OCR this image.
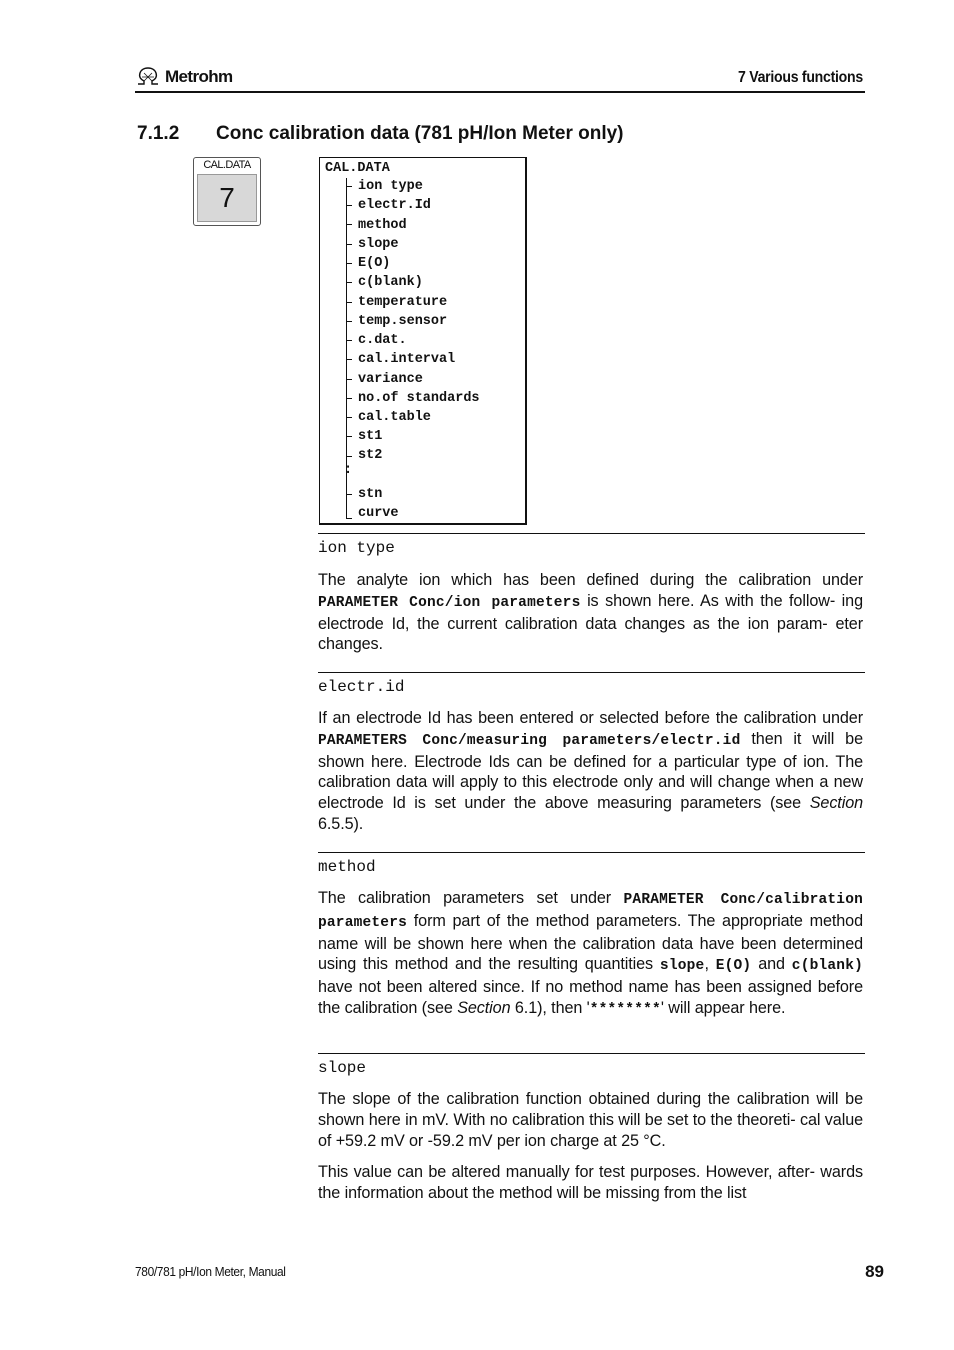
Metrohm	7 Various functions
7.1.2 Conc calibration data (781 pH/Ion Meter only)
CAL.DATA
7
CAL.DATA
ion type
electr.Id
method
slope
E(O)
c(blank)
temperature
temp.sensor
c.dat.
cal.interval
variance
no.of standards
cal.table
st1
st2
:
stn
curve
ion type
The analyte ion which has been defined during the calibration under PARAMETER Conc/ion parameters is shown here. As with the follow- ing electrode Id, the current calibration data changes as the ion param- eter changes.
electr.id
If an electrode Id has been entered or selected before the calibration under PARAMETERS Conc/measuring parameters/electr.id then it will be shown here. Electrode Ids can be defined for a particular type of ion. The calibration data will apply to this electrode only and will change when a new electrode Id is set under the above measuring parameters (see Section 6.5.5).
method
The calibration parameters set under PARAMETER Conc/calibration parameters form part of the method parameters. The appropriate method name will be shown here when the calibration data have been determined using this method and the resulting quantities slope, E(O) and c(blank) have not been altered since. If no method name has been assigned before the calibration (see Section 6.1), then '********' will appear here.
slope
The slope of the calibration function obtained during the calibration will be shown here in mV. With no calibration this will be set to the theoreti- cal value of +59.2 mV or -59.2 mV per ion charge at 25 °C.
This value can be altered manually for test purposes. However, after- wards the information about the method will be missing from the list
780/781 pH/Ion Meter, Manual	89
